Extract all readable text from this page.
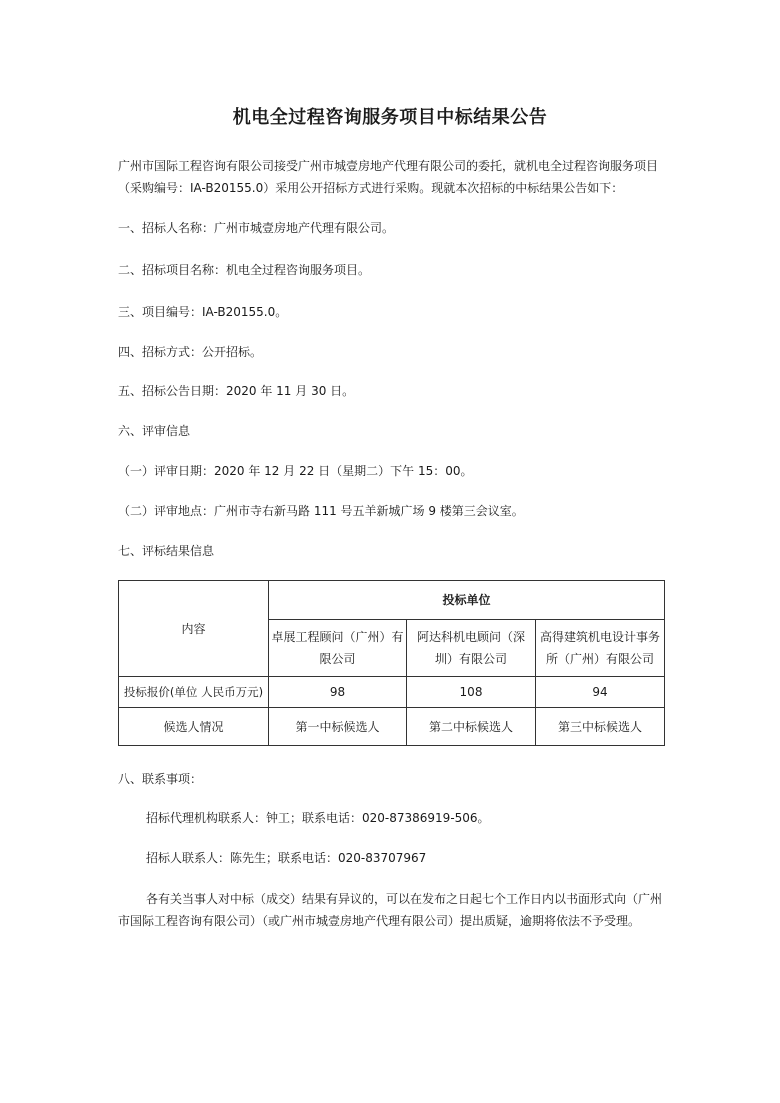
机电全过程咨询服务项目中标结果公告

广州市国际工程咨询有限公司接受广州市城壹房地产代理有限公司的委托，就机电全过程咨询服务项目（采购编号：IA-B20155.0）采用公开招标方式进行采购。现就本次招标的中标结果公告如下：

一、招标人名称：广州市城壹房地产代理有限公司。

二、招标项目名称：机电全过程咨询服务项目。

三、项目编号：IA-B20155.0。

四、招标方式：公开招标。

五、招标公告日期：2020 年 11 月 30 日。

六、评审信息

（一）评审日期：2020 年 12 月 22 日（星期二）下午 15：00。

（二）评审地点：广州市寺右新马路 111 号五羊新城广场 9 楼第三会议室。

七、评标结果信息

内容	投标单位		
	卓展工程顾问（广州）有限公司	阿达科机电顾问（深圳）有限公司	高得建筑机电设计事务所（广州）有限公司
投标报价(单位 人民币万元)	98	108	94
候选人情况	第一中标候选人	第二中标候选人	第三中标候选人

八、联系事项：

招标代理机构联系人：钟工；联系电话：020-87386919-506。

招标人联系人：陈先生；联系电话：020-83707967

各有关当事人对中标（成交）结果有异议的，可以在发布之日起七个工作日内以书面形式向（广州市国际工程咨询有限公司）（或广州市城壹房地产代理有限公司）提出质疑，逾期将依法不予受理。
